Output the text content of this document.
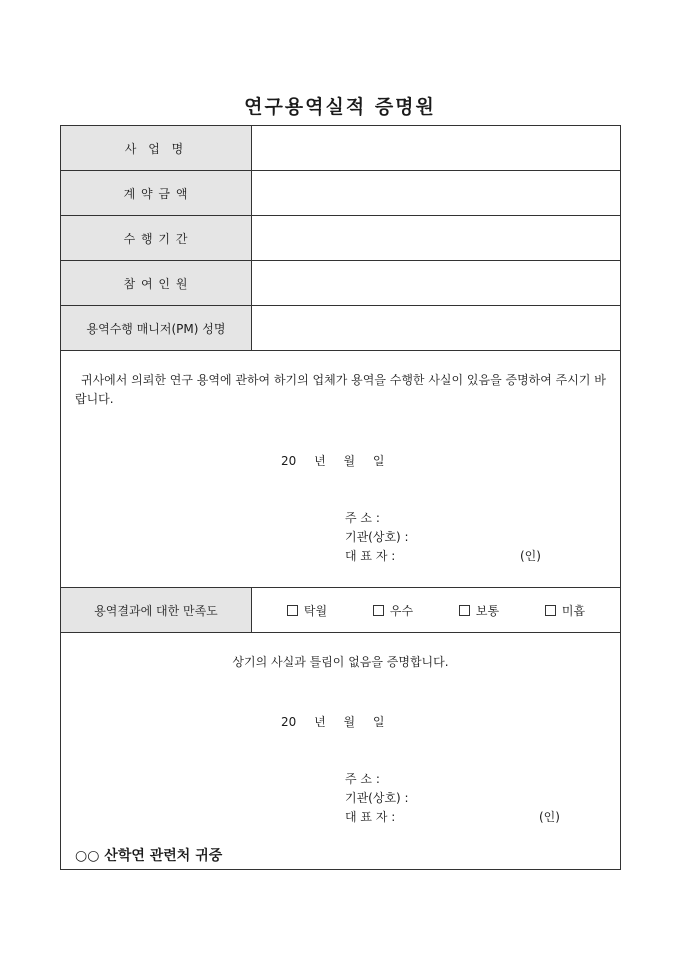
연구용역실적 증명원
사 업 명
계 약 금 액
수 행 기 간
참 여 인 원
용역수행 매니저(PM) 성명
귀사에서 의뢰한 연구 용역에 관하여 하기의 업체가 용역을 수행한 사실이 있음을 증명하여 주시기 바랍니다.
20 년 월 일
주 소 :
기관(상호) :
대 표 자 :	(인)
용역결과에 대한 만족도	탁월	우수	보통	미흡
상기의 사실과 틀림이 없음을 증명합니다.
20 년 월 일
주 소 :
기관(상호) :
대 표 자 :	(인)
○○ 산학연 관련처 귀중
